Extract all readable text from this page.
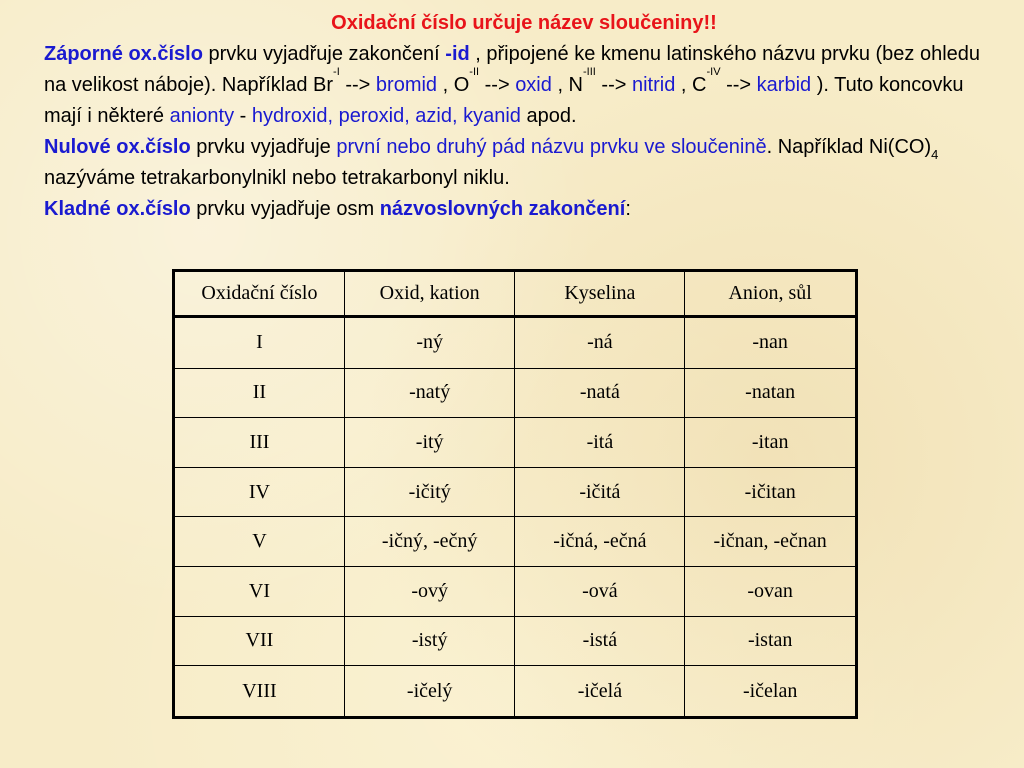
Oxidační číslo určuje název sloučeniny!!
Záporné ox.číslo prvku vyjadřuje zakončení -id , připojené ke kmenu latinského názvu prvku (bez ohledu na velikost náboje). Například $Br^{-I}$ --> bromid , $O^{-II}$ --> oxid , $N^{-III}$ --> nitrid , $C^{-IV}$ --> karbid ). Tuto koncovku mají i některé anionty - hydroxid, peroxid, azid, kyanid apod.
Nulové ox.číslo prvku vyjadřuje první nebo druhý pád názvu prvku ve sloučenině. Například $Ni(CO)_4$ nazýváme tetrakarbonylnikl nebo tetrakarbonyl niklu.
Kladné ox.číslo prvku vyjadřuje osm názvoslovných zakončení:
Oxidační číslo	Oxid, kation	Kyselina	Anion, sůl
I	-ný	-ná	-nan
II	-natý	-natá	-natan
III	-itý	-itá	-itan
IV	-ičitý	-ičitá	-ičitan
V	-ičný, -ečný	-ičná, -ečná	-ičnan, -ečnan
VI	-ový	-ová	-ovan
VII	-istý	-istá	-istan
VIII	-ičelý	-ičelá	-ičelan
